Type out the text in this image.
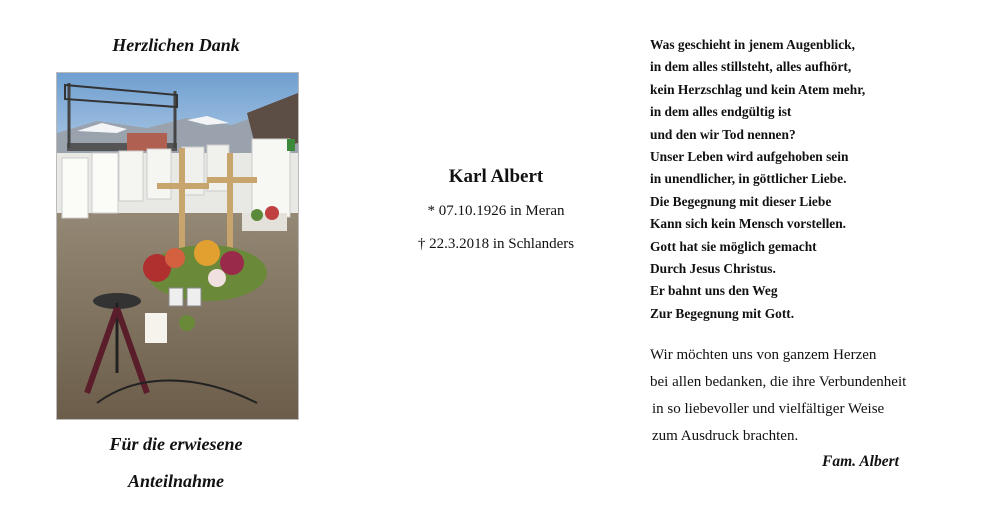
Herzlichen Dank
Für die erwiesene
Anteilnahme
Karl Albert
* 07.10.1926 in Meran
† 22.3.2018 in Schlanders
Was geschieht in jenem Augenblick,
in dem alles stillsteht, alles aufhört,
kein Herzschlag und kein Atem mehr,
in dem alles endgültig ist
und den wir Tod nennen?
Unser Leben wird aufgehoben sein
in unendlicher, in göttlicher Liebe.
Die Begegnung mit dieser Liebe
Kann sich kein Mensch vorstellen.
Gott hat sie möglich gemacht
Durch Jesus Christus.
Er bahnt uns den Weg
Zur Begegnung mit Gott.
Wir möchten uns von ganzem Herzen
bei allen bedanken, die ihre Verbundenheit
in so liebevoller und vielfältiger Weise
zum Ausdruck brachten.
Fam. Albert
